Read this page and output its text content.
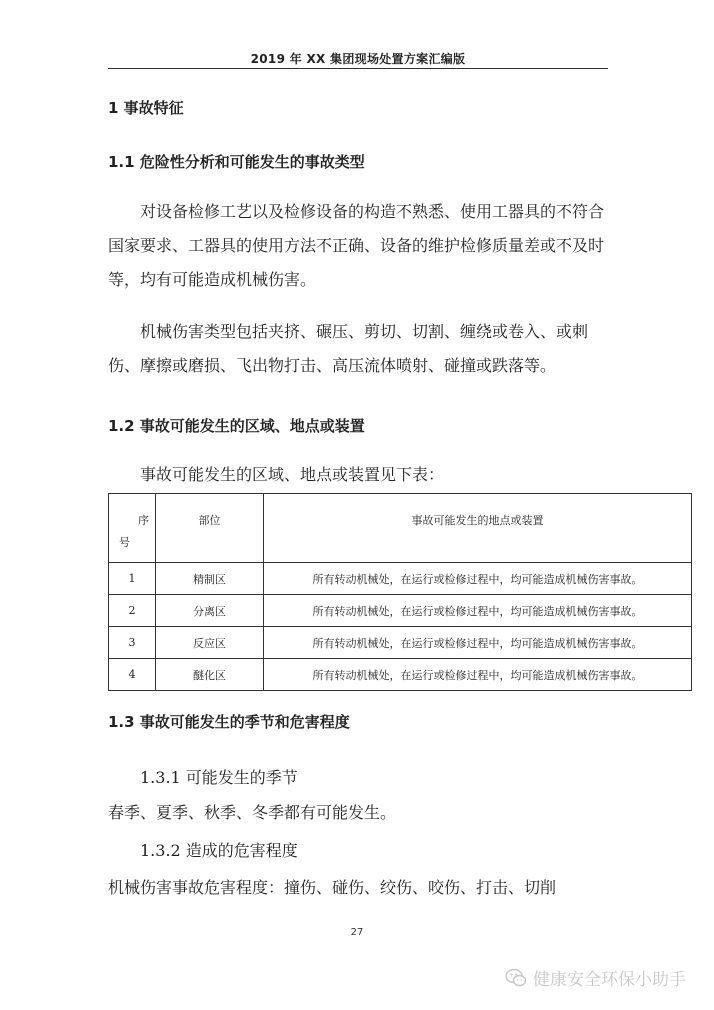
2019 年 XX 集团现场处置方案汇编版
1 事故特征
1.1 危险性分析和可能发生的事故类型
对设备检修工艺以及检修设备的构造不熟悉、使用工器具的不符合国家要求、工器具的使用方法不正确、设备的维护检修质量差或不及时等，均有可能造成机械伤害。
机械伤害类型包括夹挤、碾压、剪切、切割、缠绕或卷入、或刺伤、摩擦或磨损、飞出物打击、高压流体喷射、碰撞或跌落等。
1.2 事故可能发生的区域、地点或装置
事故可能发生的区域、地点或装置见下表：
序
号	部位	事故可能发生的地点或装置

1	精制区	所有转动机械处，在运行或检修过程中，均可能造成机械伤害事故。
2	分离区	所有转动机械处，在运行或检修过程中，均可能造成机械伤害事故。
3	反应区	所有转动机械处，在运行或检修过程中，均可能造成机械伤害事故。
4	醚化区	所有转动机械处，在运行或检修过程中，均可能造成机械伤害事故。
1.3 事故可能发生的季节和危害程度
1.3.1 可能发生的季节
春季、夏季、秋季、冬季都有可能发生。
1.3.2 造成的危害程度
机械伤害事故危害程度：撞伤、碰伤、绞伤、咬伤、打击、切削
27
健康安全环保小助手
